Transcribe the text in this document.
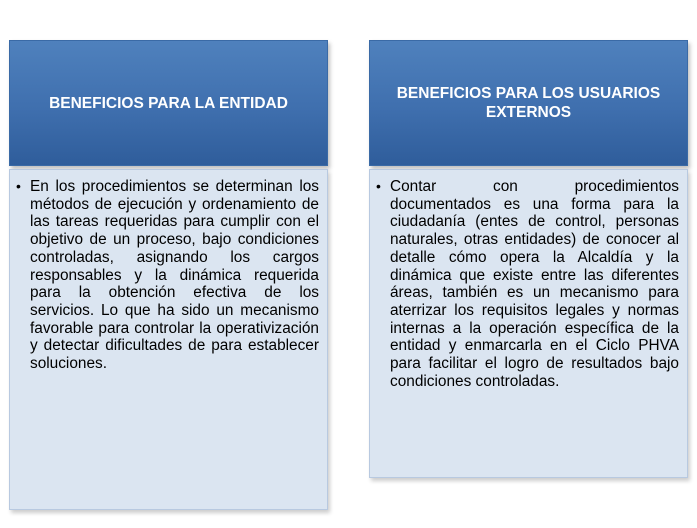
BENEFICIOS PARA LA ENTIDAD
• En los procedimientos se determinan los métodos de ejecución y ordenamiento de las tareas requeridas para cumplir con el objetivo de un proceso, bajo condiciones controladas, asignando los cargos responsables y la dinámica requerida para la obtención efectiva de los servicios. Lo que ha sido un mecanismo favorable para controlar la operativización y detectar dificultades de para establecer soluciones.
BENEFICIOS PARA LOS USUARIOS EXTERNOS
• Contar con procedimientos documentados es una forma para la ciudadanía (entes de control, personas naturales, otras entidades) de conocer al detalle cómo opera la Alcaldía y la dinámica que existe entre las diferentes áreas, también es un mecanismo para aterrizar los requisitos legales y normas internas a la operación específica de la entidad y enmarcarla en el Ciclo PHVA para facilitar el logro de resultados bajo condiciones controladas.
